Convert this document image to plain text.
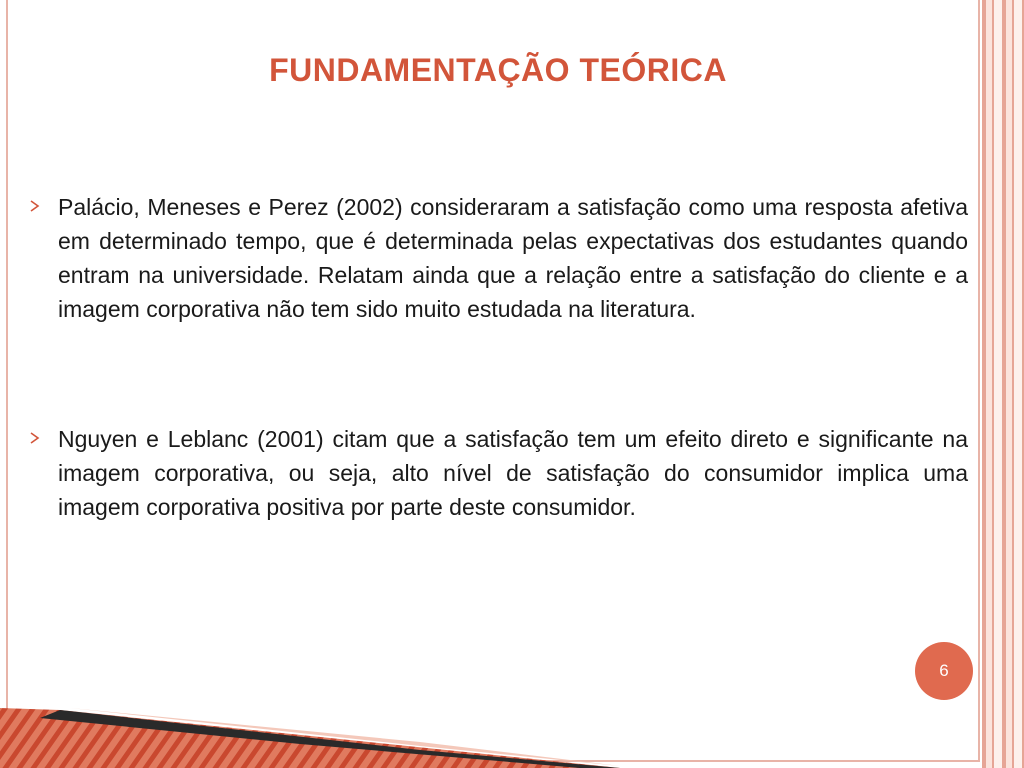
FUNDAMENTAÇÃO TEÓRICA
Palácio, Meneses e Perez (2002) consideraram a satisfação como uma resposta afetiva em determinado tempo, que é determinada pelas expectativas dos estudantes quando entram na universidade. Relatam ainda que a relação entre a satisfação do cliente e a imagem corporativa não tem sido muito estudada na literatura.
Nguyen e Leblanc (2001) citam que a satisfação tem um efeito direto e significante na imagem corporativa, ou seja, alto nível de satisfação do consumidor implica uma imagem corporativa positiva por parte deste consumidor.
6
